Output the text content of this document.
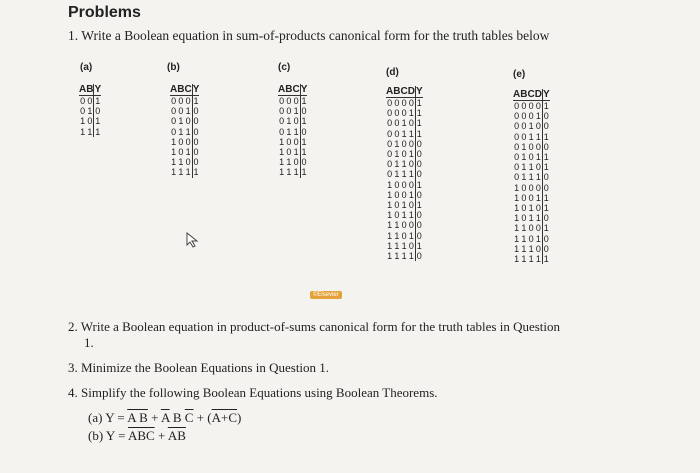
Problems
1. Write a Boolean equation in sum-of-products canonical form for the truth tables below
(a)
A	B	Y
0	0	1
0	1	0
1	0	1
1	1	1
(b)
A	B	C	Y
0	0	0	1
0	0	1	0
0	1	0	0
0	1	1	0
1	0	0	0
1	0	1	0
1	1	0	0
1	1	1	1
(c)
A	B	C	Y
0	0	0	1
0	0	1	0
0	1	0	1
0	1	1	0
1	0	0	1
1	0	1	1
1	1	0	0
1	1	1	1
(d)
A	B	C	D	Y
0	0	0	0	1
0	0	0	1	1
0	0	1	0	1
0	0	1	1	1
0	1	0	0	0
0	1	0	1	0
0	1	1	0	0
0	1	1	1	0
1	0	0	0	1
1	0	0	1	0
1	0	1	0	1
1	0	1	1	0
1	1	0	0	0
1	1	0	1	0
1	1	1	0	1
1	1	1	1	0
(e)
A	B	C	D	Y
0	0	0	0	1
0	0	0	1	0
0	0	1	0	0
0	0	1	1	1
0	1	0	0	0
0	1	0	1	1
0	1	1	0	1
0	1	1	1	0
1	0	0	0	0
1	0	0	1	1
1	0	1	0	1
1	0	1	1	0
1	1	0	0	1
1	1	0	1	0
1	1	1	0	0
1	1	1	1	1
©Elsevier
2. Write a Boolean equation in product-of-sums canonical form for the truth tables in Question
1.
3. Minimize the Boolean Equations in Question 1.
4. Simplify the following Boolean Equations using Boolean Theorems.
(a) Y = A $B + \overline{A}$ B $\overline{C} + (A+C)$
(b) $Y = \overline{ABC} + \overline{AB}$
